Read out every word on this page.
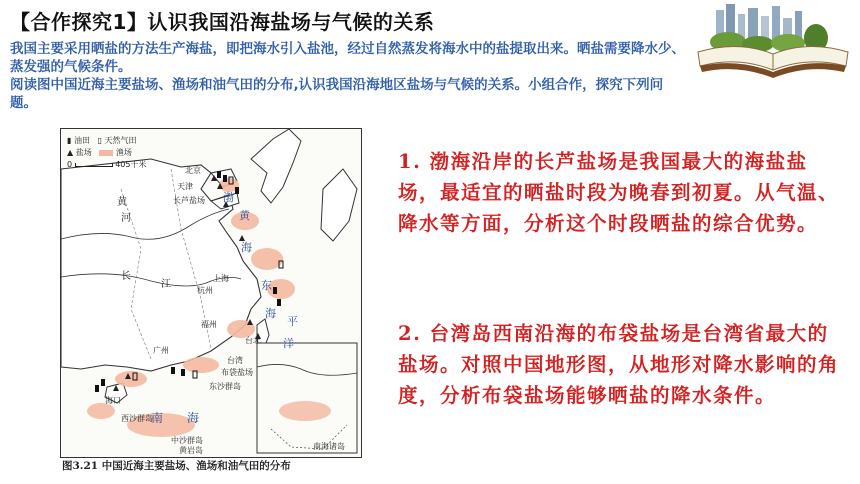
【合作探究1】认识我国沿海盐场与气候的关系

我国主要采用晒盐的方法生产海盐，即把海水引入盐池，经过自然蒸发将海水中的盐提取出来。晒盐需要降水少、蒸发强的气候条件。

阅读图中国近海主要盐场、渔场和油气田的分布,认识我国沿海地区盐场与气候的关系。小组合作，探究下列问题。

▮ 油田 ▯ 天然气田
▲ 盐场	渔场
0	405千米
北京
天津
长芦盐场
上海
杭州
福州
广州
台北
台湾
布袋盐场
东沙群岛
海口
西沙群岛
中沙群岛
黄岩岛	南海诸岛
渤
黄
海
东
海
平
洋
南 海
黄
河
长
江
图3.21 中国近海主要盐场、渔场和油气田的分布
1. 渤海沿岸的长芦盐场是我国最大的海盐盐场，最适宜的晒盐时段为晚春到初夏。从气温、降水等方面，分析这个时段晒盐的综合优势。
2. 台湾岛西南沿海的布袋盐场是台湾省最大的盐场。对照中国地形图，从地形对降水影响的角度，分析布袋盐场能够晒盐的降水条件。
